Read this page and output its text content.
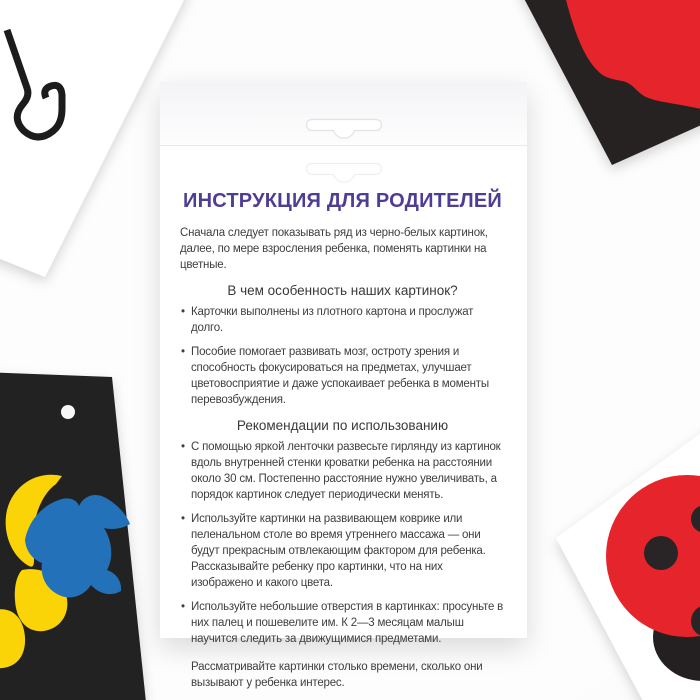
ИНСТРУКЦИЯ ДЛЯ РОДИТЕЛЕЙ

Сначала следует показывать ряд из черно-белых картинок, далее, по мере взросления ребенка, поменять картинки на цветные.

В чем особенность наших картинок?
• Карточки выполнены из плотного картона и прослужат долго.
• Пособие помогает развивать мозг, остроту зрения и способность фокусироваться на предметах, улучшает цветовосприятие и даже успокаивает ребенка в моменты перевозбуждения.
Рекомендации по использованию
• С помощью яркой ленточки развесьте гирлянду из картинок вдоль внутренней стенки кроватки ребенка на расстоянии около 30 см. Постепенно расстояние нужно увеличивать, а порядок картинок следует периодически менять.
• Используйте картинки на развивающем коврике или пеленальном столе во время утреннего массажа — они будут прекрасным отвлекающим фактором для ребенка. Рассказывайте ребенку про картинки, что на них изображено и какого цвета.
• Используйте небольшие отверстия в картинках: просуньте в них палец и пошевелите им. К 2—3 месяцам малыш научится следить за движущимися предметами.

Рассматривайте картинки столько времени, сколько они вызывают у ребенка интерес.
